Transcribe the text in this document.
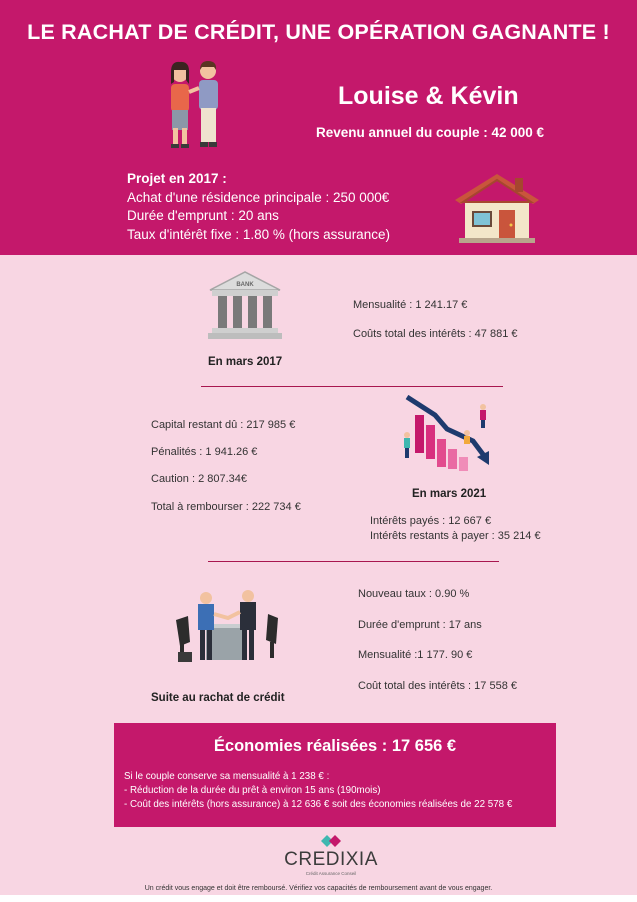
LE RACHAT DE CRÉDIT, UNE OPÉRATION GAGNANTE !
Louise & Kévin
Revenu annuel du couple : 42 000 €
Projet en 2017 :
Achat d'une résidence principale : 250 000€
Durée d'emprunt : 20 ans
Taux d'intérêt fixe : 1.80 % (hors assurance)
BANK
En mars 2017
Mensualité : 1 241.17 €
Coûts total des intérêts : 47 881 €
Capital restant dû : 217 985 €
Pénalités : 1 941.26 €
Caution : 2 807.34€
Total à rembourser : 222 734 €
En mars 2021
Intérêts payés : 12 667 €
Intérêts restants à payer : 35 214 €
Suite au rachat de crédit
Nouveau taux : 0.90 %
Durée d'emprunt : 17 ans
Mensualité :1 177. 90 €
Coût total des intérêts : 17 558 €
Économies réalisées : 17 656 €
Si le couple conserve sa mensualité à 1 238 € :
- Réduction de la durée du prêt à environ 15 ans (190mois)
- Coût des intérêts (hors assurance) à 12 636 € soit des économies réalisées de 22 578 €
CREDIXIA
Crédit Assurance Conseil
Un crédit vous engage et doit être remboursé. Vérifiez vos capacités de remboursement avant de vous engager.
